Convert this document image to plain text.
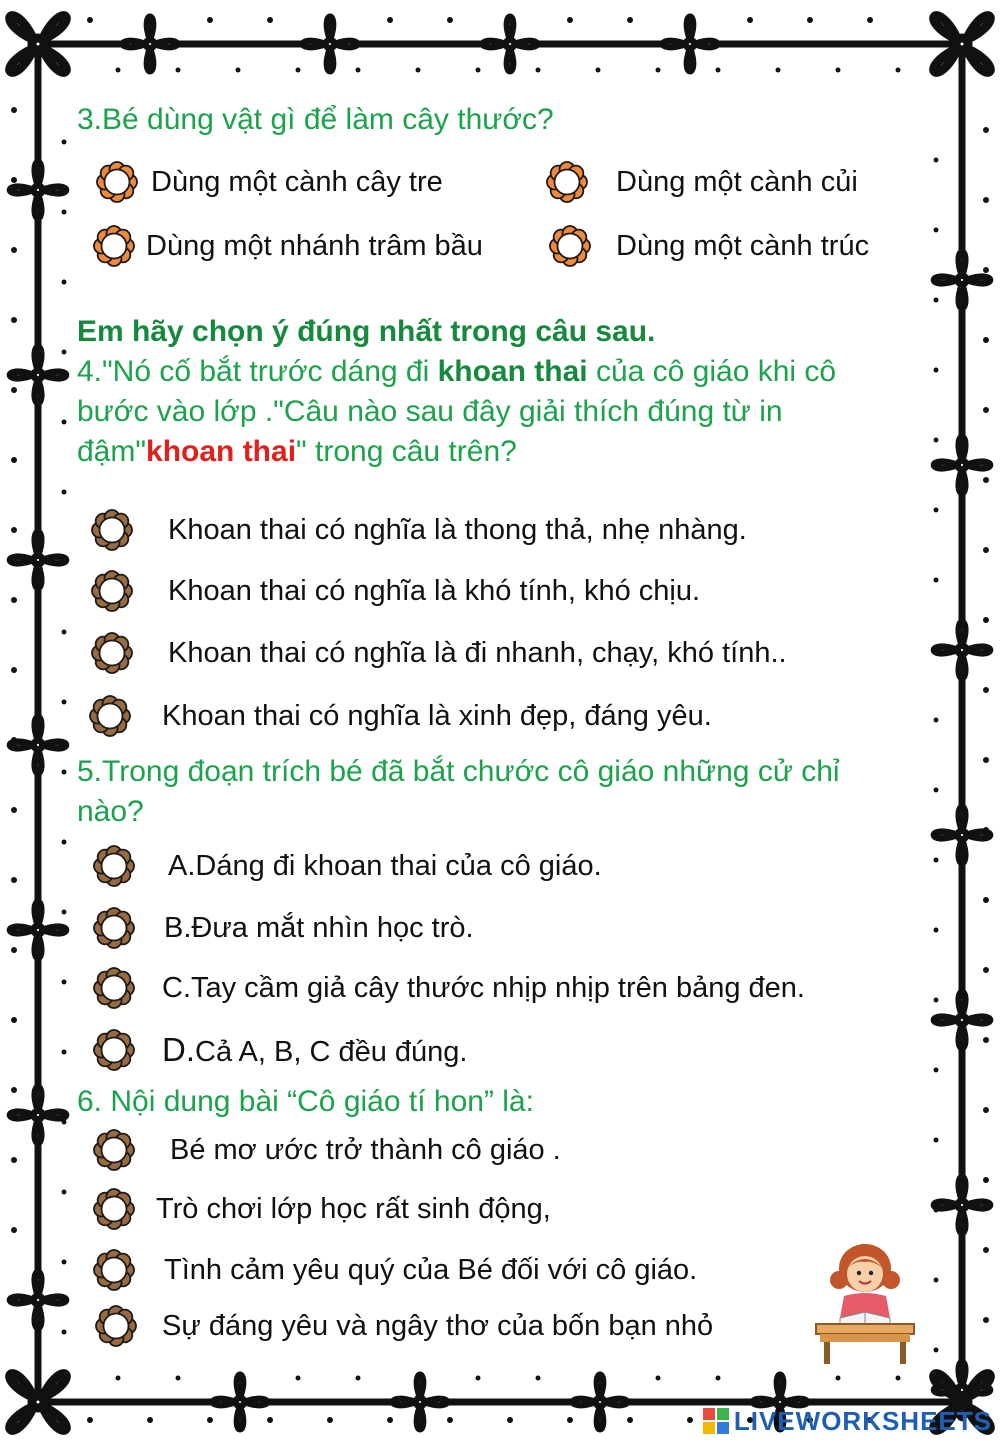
3.Bé dùng vật gì để làm cây thước?
Dùng một cành cây tre	Dùng một cành củi
Dùng một nhánh trâm bầu	Dùng một cành trúc
Em hãy chọn ý đúng nhất trong câu sau.
4."Nó cố bắt trước dáng đi khoan thai của cô giáo khi cô
bước vào lớp ."Câu nào sau đây giải thích đúng từ in
đậm"khoan thai" trong câu trên?
Khoan thai có nghĩa là thong thả, nhẹ nhàng.
Khoan thai có nghĩa là khó tính, khó chịu.
Khoan thai có nghĩa là đi nhanh, chạy, khó tính..
Khoan thai có nghĩa là xinh đẹp, đáng yêu.
5.Trong đoạn trích bé đã bắt chước cô giáo những cử chỉ
nào?
A.Dáng đi khoan thai của cô giáo.
B.Đưa mắt nhìn học trò.
C.Tay cầm giả cây thước nhịp nhịp trên bảng đen.
D.Cả A, B, C đều đúng.
6. Nội dung bài “Cô giáo tí hon” là:
Bé mơ ước trở thành cô giáo .
Trò chơi lớp học rất sinh động,
Tình cảm yêu quý của Bé đối với cô giáo.
Sự đáng yêu và ngây thơ của bốn bạn nhỏ
LIVEWORKSHEETS
